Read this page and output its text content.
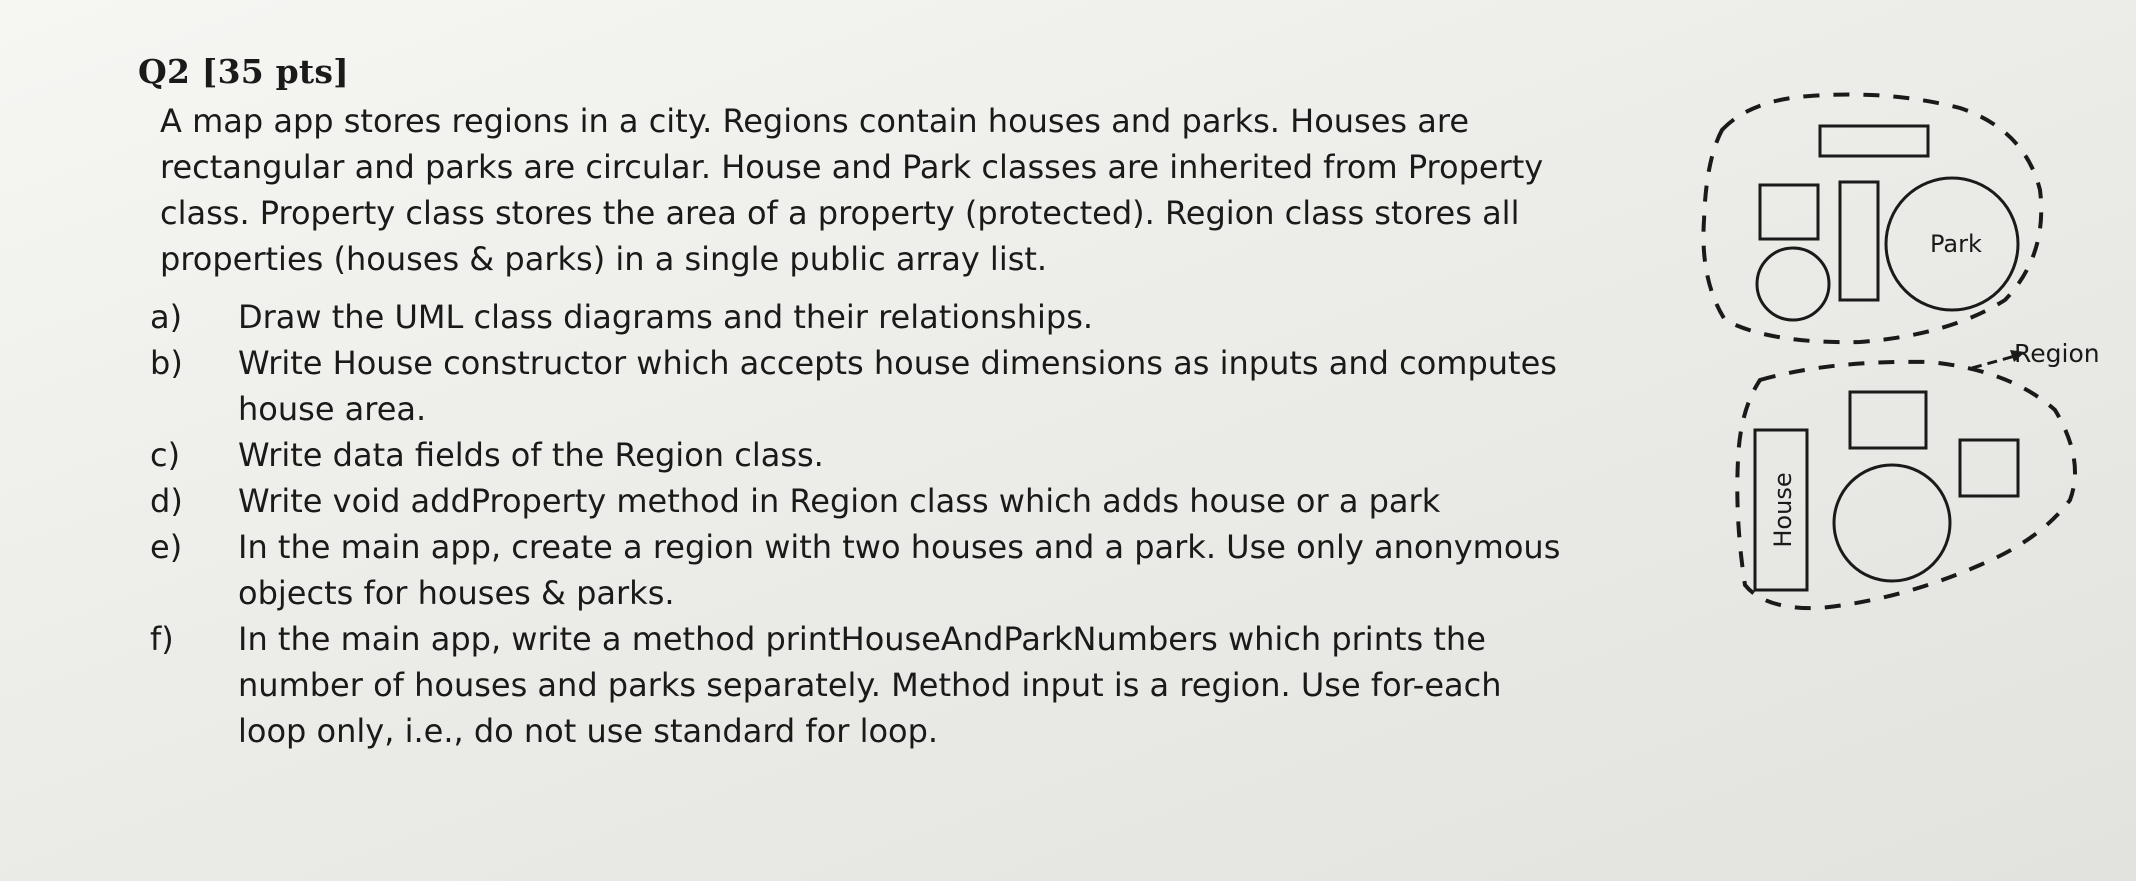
Q2 [35 pts]
A map app stores regions in a city. Regions contain houses and parks. Houses are
rectangular and parks are circular. House and Park classes are inherited from Property
class. Property class stores the area of a property (protected). Region class stores all
properties (houses & parks) in a single public array list.
a)	Draw the UML class diagrams and their relationships.
b)	Write House constructor which accepts house dimensions as inputs and computes
house area.
c)	Write data fields of the Region class.
d)	Write void addProperty method in Region class which adds house or a park
e)	In the main app, create a region with two houses and a park. Use only anonymous
objects for houses & parks.
f)	In the main app, write a method printHouseAndParkNumbers which prints the
number of houses and parks separately. Method input is a region. Use for-each
loop only, i.e., do not use standard for loop.
Park
House
Region
